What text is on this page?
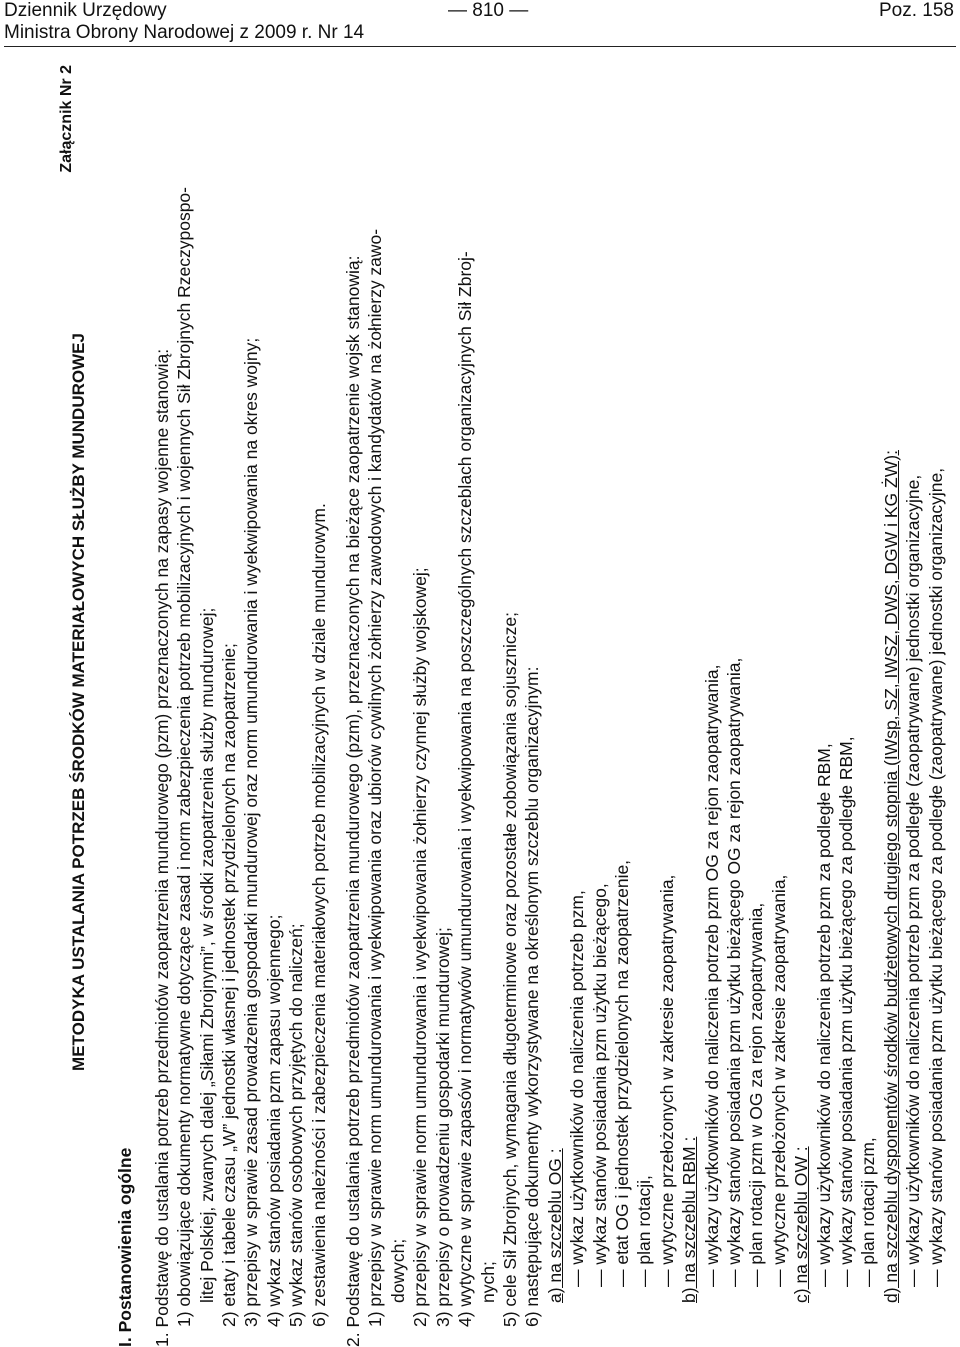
Dziennik Urzędowy
Ministra Obrony Narodowej z 2009 r. Nr 14
— 810 —	Poz. 158
Załącznik Nr 2
METODYKA USTALANIA POTRZEB ŚRODKÓW MATERIAŁOWYCH SŁUŻBY MUNDUROWEJ
I. Postanowienia ogólne 1. Podstawę do ustalania potrzeb przedmiotów zaopatrzenia mundurowego (pzm) przeznaczonych na zapasy wojenne stanowią: 1) obowiązujące dokumenty normatywne dotyczące zasad i norm zabezpieczenia potrzeb mobilizacyjnych i wojennych Sił Zbrojnych Rzeczypospo- litej Polskiej, zwanych dalej „Siłami Zbrojnymi”, w środki zaopatrzenia służby mundurowej; 2) etaty i tabele czasu „W” jednostki własnej i jednostek przydzielonych na zaopatrzenie; 3) przepisy w sprawie zasad prowadzenia gospodarki mundurowej oraz norm umundurowania i wyekwipowania na okres wojny; 4) wykaz stanów posiadania pzm zapasu wojennego; 5) wykaz stanów osobowych przyjętych do naliczeń; 6) zestawienia należności i zabezpieczenia materiałowych potrzeb mobilizacyjnych w dziale mundurowym. 2. Podstawę do ustalania potrzeb przedmiotów zaopatrzenia mundurowego (pzm), przeznaczonych na bieżące zaopatrzenie wojsk stanowią: 1) przepisy w sprawie norm umundurowania i wyekwipowania oraz ubiorów cywilnych żołnierzy zawodowych i kandydatów na żołnierzy zawo- dowych; 2) przepisy w sprawie norm umundurowania i wyekwipowania żołnierzy czynnej służby wojskowej; 3) przepisy o prowadzeniu gospodarki mundurowej; 4) wytyczne w sprawie zapasów i normatywów umundurowania i wyekwipowania na poszczególnych szczeblach organizacyjnych Sił Zbroj- nych; 5) cele Sił Zbrojnych, wymagania długoterminowe oraz pozostałe zobowiązania sojusznicze; 6) następujące dokumenty wykorzystywane na określonym szczeblu organizacyjnym: a) na szczeblu OG : — wykaz użytkowników do naliczenia potrzeb pzm, — wykaz stanów posiadania pzm użytku bieżącego, — etat OG i jednostek przydzielonych na zaopatrzenie, — plan rotacji, — wytyczne przełożonych w zakresie zaopatrywania, b) na szczeblu RBM : — wykazy użytkowników do naliczenia potrzeb pzm OG za rejon zaopatrywania, — wykazy stanów posiadania pzm użytku bieżącego OG za rejon zaopatrywania, — plan rotacji pzm w OG za rejon zaopatrywania, — wytyczne przełożonych w zakresie zaopatrywania, c) na szczeblu OW : — wykazy użytkowników do naliczenia potrzeb pzm za podległe RBM, — wykazy stanów posiadania pzm użytku bieżącego za podległe RBM, — plan rotacji pzm, d) na szczeblu dysponentów środków budżetowych drugiego stopnia (IWsp, SZ, IWSZ, DWS, DGW i KG ŻW): — wykazy użytkowników do naliczenia potrzeb pzm za podległe (zaopatrywane) jednostki organizacyjne, — wykazy stanów posiadania pzm użytku bieżącego za podległe (zaopatrywane) jednostki organizacyjne,
